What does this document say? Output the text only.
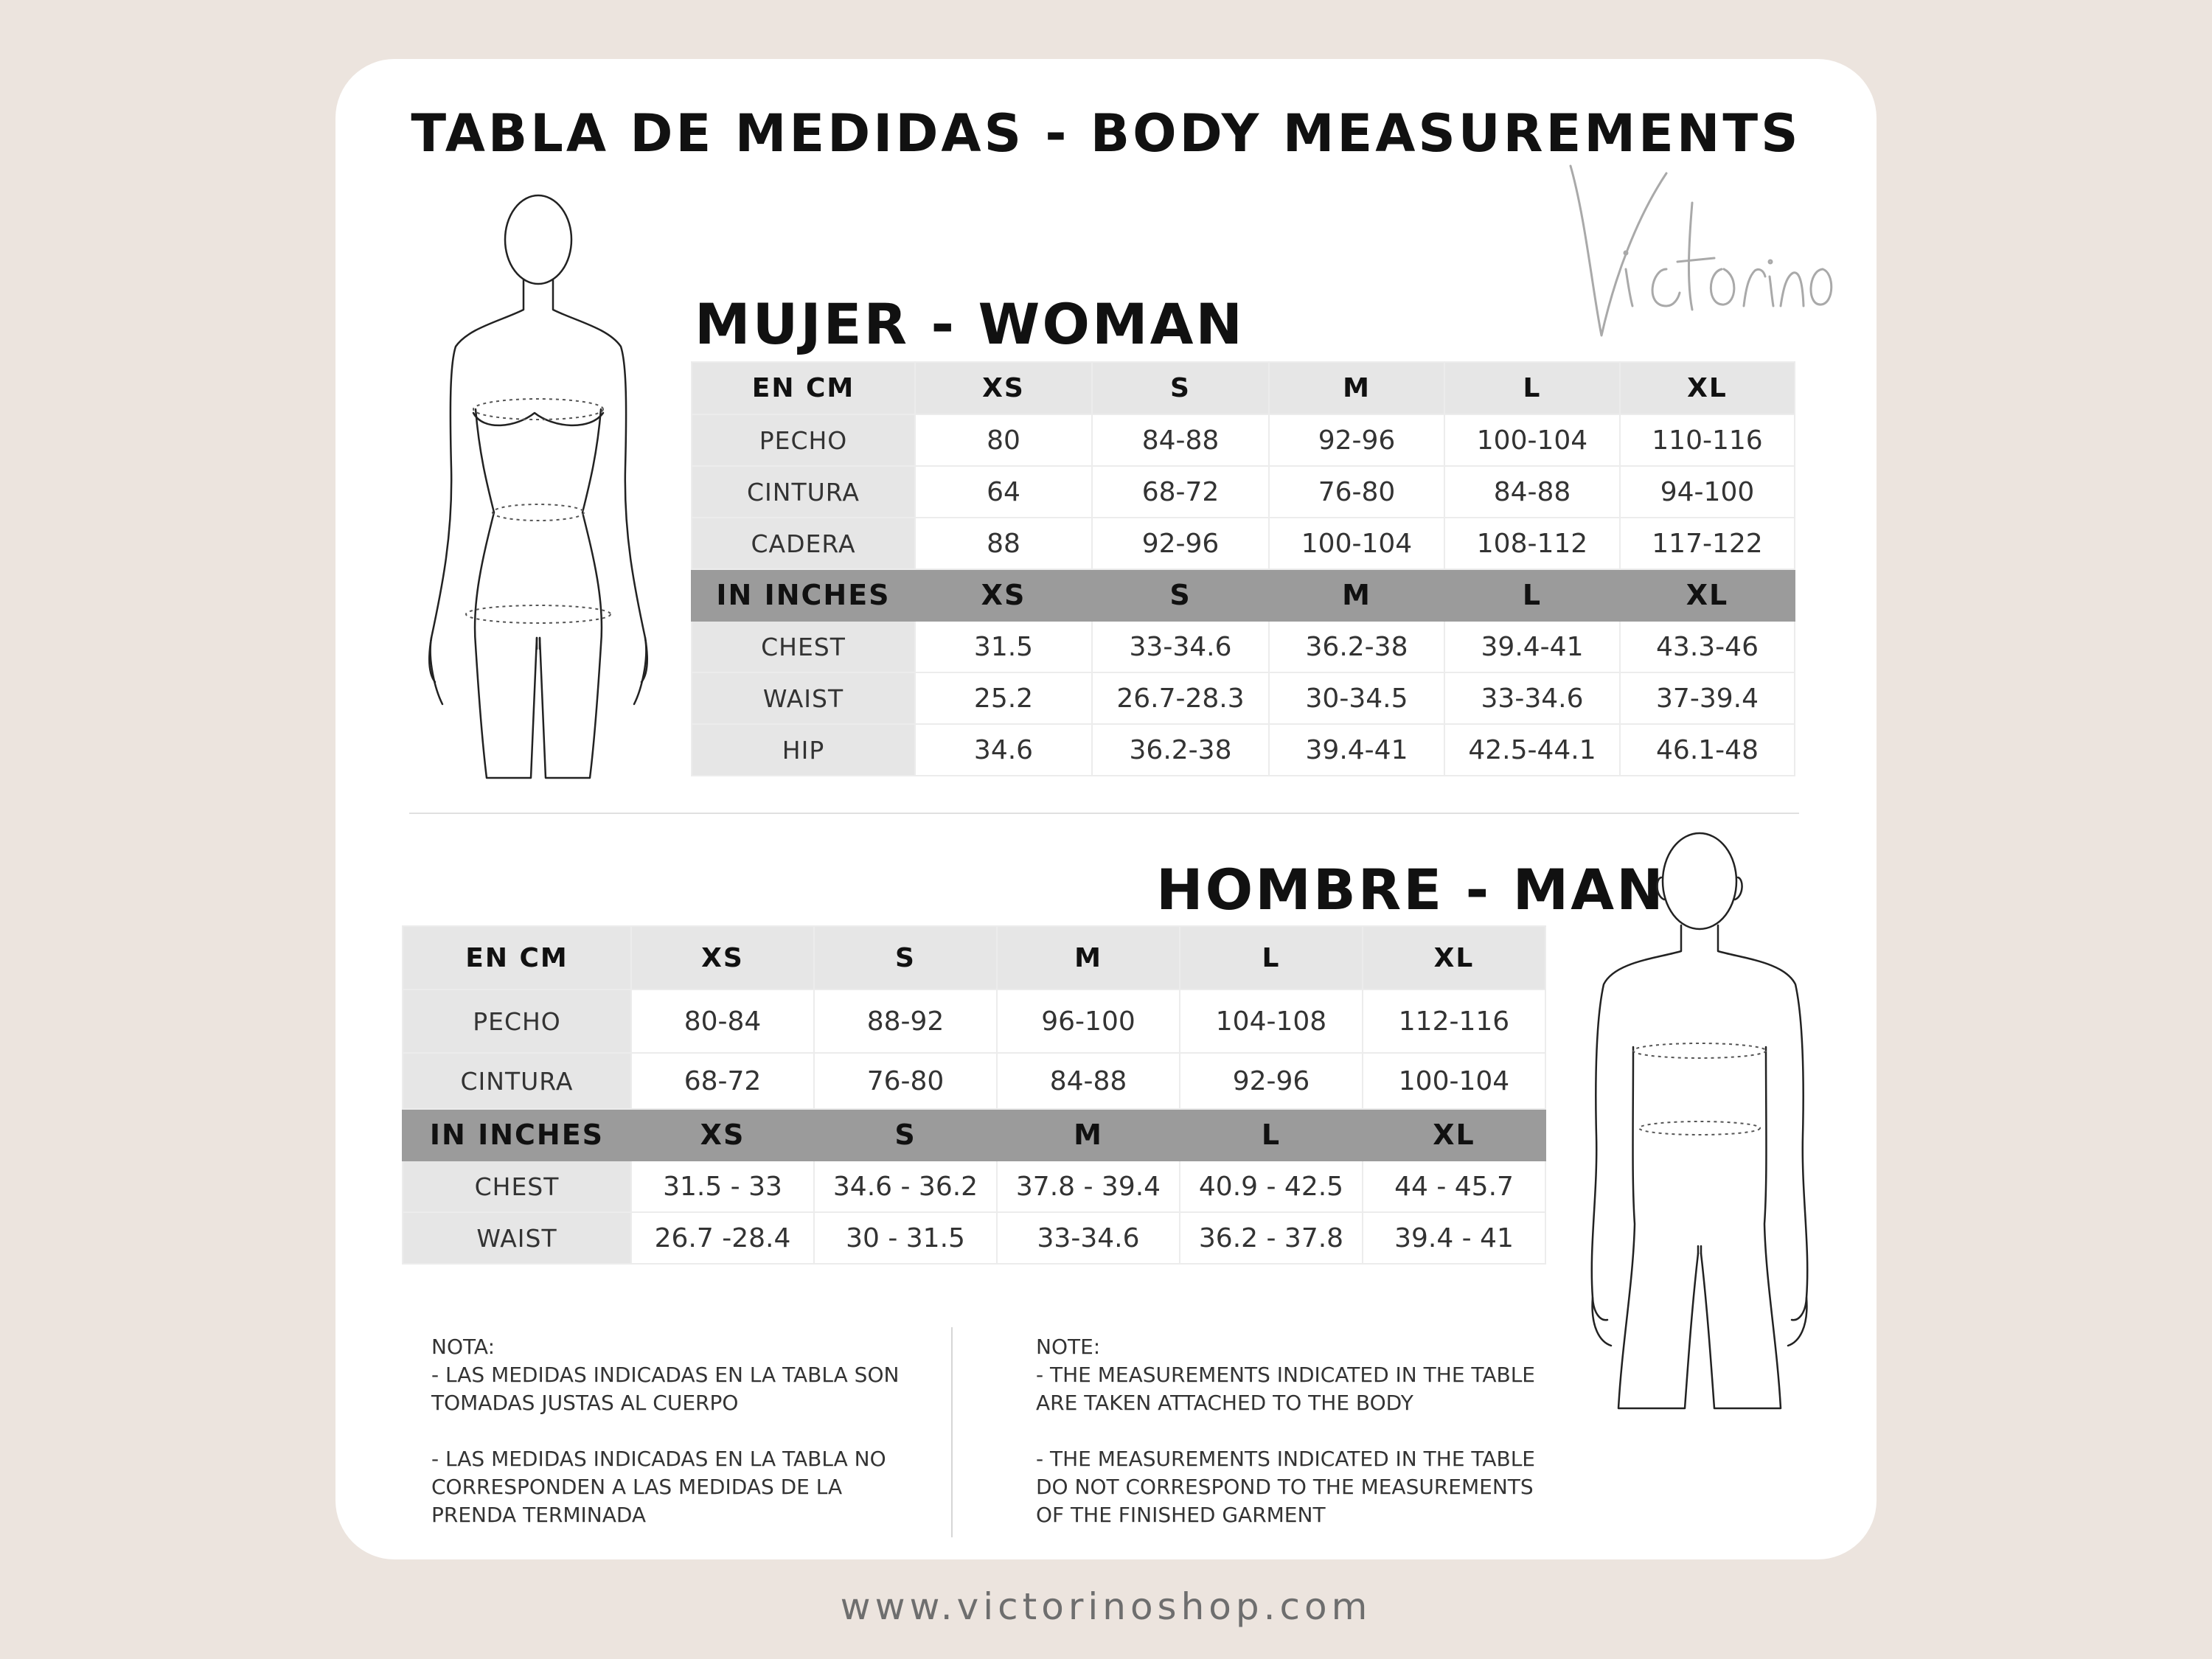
TABLA DE MEDIDAS - BODY MEASUREMENTS
MUJER - WOMAN
EN CM	XS	S	M	L	XL
PECHO	80	84-88	92-96	100-104	110-116
CINTURA	64	68-72	76-80	84-88	94-100
CADERA	88	92-96	100-104	108-112	117-122
IN INCHES	XS	S	M	L	XL
CHEST	31.5	33-34.6	36.2-38	39.4-41	43.3-46
WAIST	25.2	26.7-28.3	30-34.5	33-34.6	37-39.4
HIP	34.6	36.2-38	39.4-41	42.5-44.1	46.1-48
HOMBRE - MAN
EN CM	XS	S	M	L	XL
PECHO	80-84	88-92	96-100	104-108	112-116
CINTURA	68-72	76-80	84-88	92-96	100-104
IN INCHES	XS	S	M	L	XL
CHEST	31.5 - 33	34.6 - 36.2	37.8 - 39.4	40.9 - 42.5	44 - 45.7
WAIST	26.7 -28.4	30 - 31.5	33-34.6	36.2 - 37.8	39.4 - 41
NOTA:
- LAS MEDIDAS INDICADAS EN LA TABLA SON
TOMADAS JUSTAS AL CUERPO

- LAS MEDIDAS INDICADAS EN LA TABLA NO
CORRESPONDEN A LAS MEDIDAS DE LA
PRENDA TERMINADA
NOTE:
- THE MEASUREMENTS INDICATED IN THE TABLE
ARE TAKEN ATTACHED TO THE BODY

- THE MEASUREMENTS INDICATED IN THE TABLE
DO NOT CORRESPOND TO THE MEASUREMENTS
OF THE FINISHED GARMENT
www.victorinoshop.com
